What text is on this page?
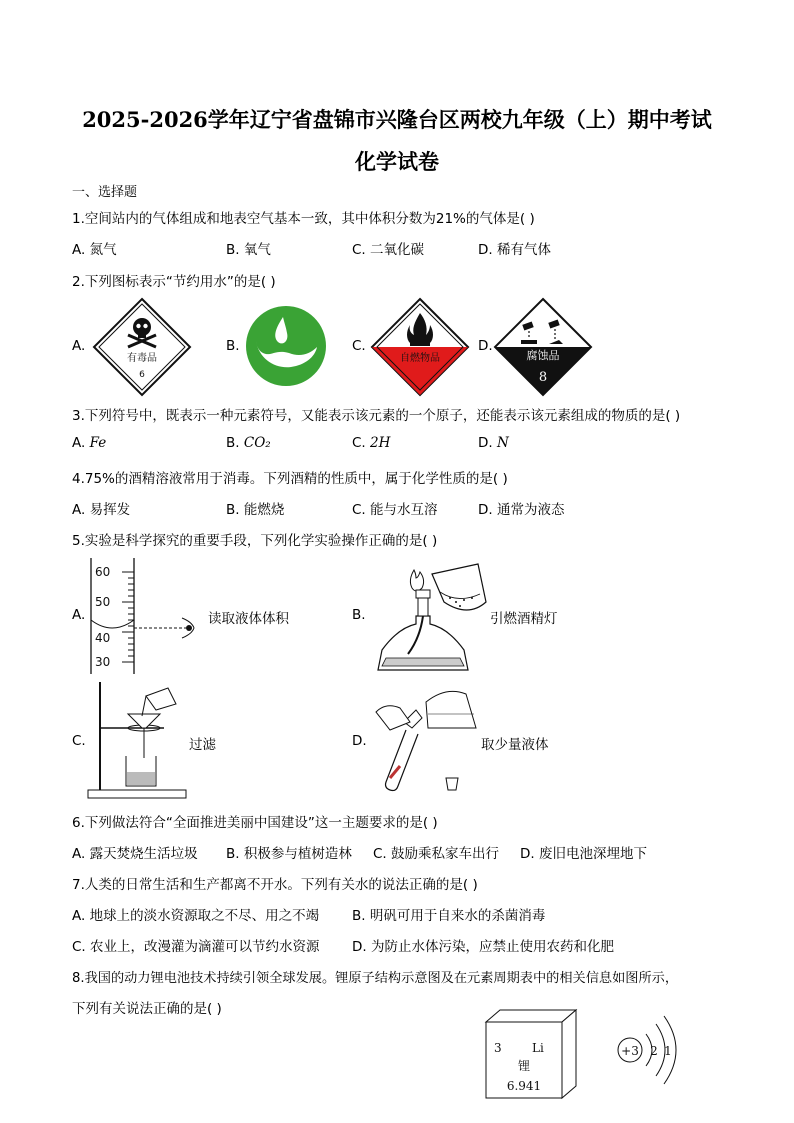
2025-2026学年辽宁省盘锦市兴隆台区两校九年级（上）期中考试
化学试卷
一、选择题
1.空间站内的气体组成和地表空气基本一致，其中体积分数为21%的气体是( )
A. 氮气	B. 氧气	C. 二氧化碳	D. 稀有气体
2.下列图标表示“节约用水”的是( )
A.	B.	C.	D.
有毒品
6
自燃物品	腐蚀品
8
3.下列符号中，既表示一种元素符号，又能表示该元素的一个原子，还能表示该元素组成的物质的是( )
A. Fe	B. CO₂	C. 2H	D. N
4.75%的酒精溶液常用于消毒。下列酒精的性质中，属于化学性质的是( )
A. 易挥发	B. 能燃烧	C. 能与水互溶	D. 通常为液态
5.实验是科学探究的重要手段，下列化学实验操作正确的是( )
A.
60
50
40
30
读取液体体积	B.	引燃酒精灯
C.	过滤	D.	取少量液体
6.下列做法符合“全面推进美丽中国建设”这一主题要求的是( )
A. 露天焚烧生活垃圾 B. 积极参与植树造林 C. 鼓励乘私家车出行 D. 废旧电池深埋地下
7.人类的日常生活和生产都离不开水。下列有关水的说法正确的是( )
A. 地球上的淡水资源取之不尽、用之不竭 B. 明矾可用于自来水的杀菌消毒
C. 农业上，改漫灌为滴灌可以节约水资源 D. 为防止水体污染，应禁止使用农药和化肥
8.我国的动力锂电池技术持续引领全球发展。锂原子结构示意图及在元素周期表中的相关信息如图所示，
下列有关说法正确的是( )
3	Li
锂
6.941
+3 2 1
